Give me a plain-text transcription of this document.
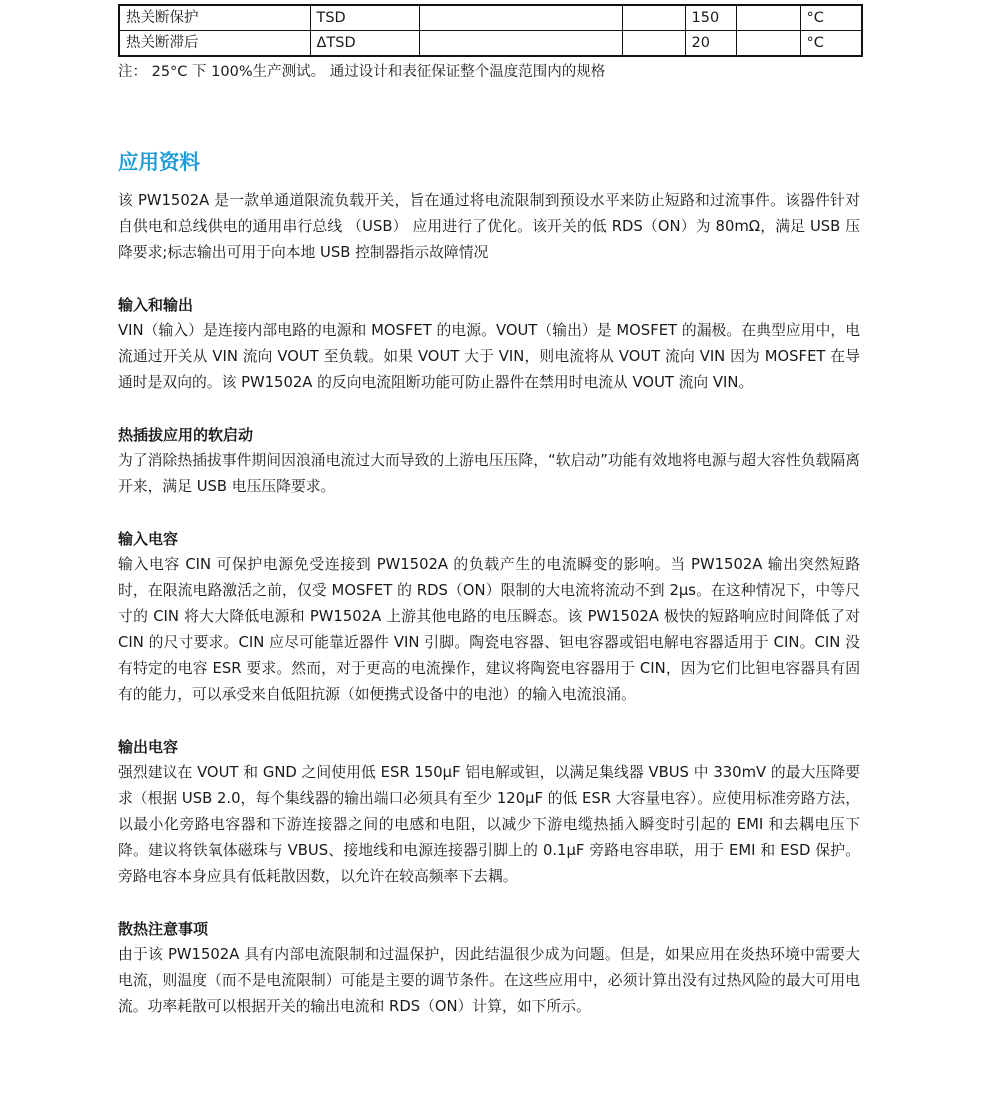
热关断保护	TSD			150		°C
热关断滞后	ΔTSD			20		°C
注： 25°C 下 100%生产测试。 通过设计和表征保证整个温度范围内的规格
应用资料

该 PW1502A 是一款单通道限流负载开关，旨在通过将电流限制到预设水平来防止短路和过流事件。该器件针对自供电和总线供电的通用串行总线 （USB） 应用进行了优化。该开关的低 RDS（ON）为 80mΩ，满足 USB 压降要求;标志输出可用于向本地 USB 控制器指示故障情况

输入和输出

VIN（输入）是连接内部电路的电源和 MOSFET 的电源。VOUT（输出）是 MOSFET 的漏极。在典型应用中，电流通过开关从 VIN 流向 VOUT 至负载。如果 VOUT 大于 VIN，则电流将从 VOUT 流向 VIN 因为 MOSFET 在导通时是双向的。该 PW1502A 的反向电流阻断功能可防止器件在禁用时电流从 VOUT 流向 VIN。

热插拔应用的软启动

为了消除热插拔事件期间因浪涌电流过大而导致的上游电压压降，“软启动”功能有效地将电源与超大容性负载隔离开来，满足 USB 电压压降要求。

输入电容

输入电容 CIN 可保护电源免受连接到 PW1502A 的负载产生的电流瞬变的影响。当 PW1502A 输出突然短路时，在限流电路激活之前，仅受 MOSFET 的 RDS（ON）限制的大电流将流动不到 2μs。在这种情况下，中等尺寸的 CIN 将大大降低电源和 PW1502A 上游其他电路的电压瞬态。该 PW1502A 极快的短路响应时间降低了对 CIN 的尺寸要求。CIN 应尽可能靠近器件 VIN 引脚。陶瓷电容器、钽电容器或铝电解电容器适用于 CIN。CIN 没有特定的电容 ESR 要求。然而，对于更高的电流操作，建议将陶瓷电容器用于 CIN，因为它们比钽电容器具有固有的能力，可以承受来自低阻抗源（如便携式设备中的电池）的输入电流浪涌。

输出电容

强烈建议在 VOUT 和 GND 之间使用低 ESR 150μF 铝电解或钽，以满足集线器 VBUS 中 330mV 的最大压降要求（根据 USB 2.0，每个集线器的输出端口必须具有至少 120μF 的低 ESR 大容量电容）。应使用标准旁路方法，以最小化旁路电容器和下游连接器之间的电感和电阻，以减少下游电缆热插入瞬变时引起的 EMI 和去耦电压下降。建议将铁氧体磁珠与 VBUS、接地线和电源连接器引脚上的 0.1μF 旁路电容串联，用于 EMI 和 ESD 保护。旁路电容本身应具有低耗散因数，以允许在较高频率下去耦。

散热注意事项

由于该 PW1502A 具有内部电流限制和过温保护，因此结温很少成为问题。但是，如果应用在炎热环境中需要大电流，则温度（而不是电流限制）可能是主要的调节条件。在这些应用中，必须计算出没有过热风险的最大可用电流。功率耗散可以根据开关的输出电流和 RDS（ON）计算，如下所示。
